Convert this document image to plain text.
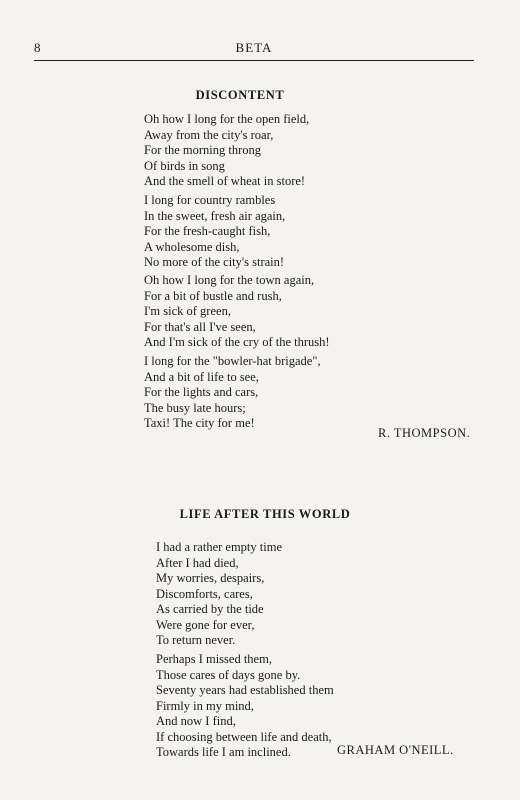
8	BETA
DISCONTENT
Oh how I long for the open field,
Away from the city's roar,
For the morning throng
Of birds in song
And the smell of wheat in store!
I long for country rambles
In the sweet, fresh air again,
For the fresh-caught fish,
A wholesome dish,
No more of the city's strain!
Oh how I long for the town again,
For a bit of bustle and rush,
I'm sick of green,
For that's all I've seen,
And I'm sick of the cry of the thrush!
I long for the "bowler-hat brigade",
And a bit of life to see,
For the lights and cars,
The busy late hours;
Taxi! The city for me!
R. THOMPSON.
LIFE AFTER THIS WORLD
I had a rather empty time
After I had died,
My worries, despairs,
Discomforts, cares,
As carried by the tide
Were gone for ever,
To return never.
Perhaps I missed them,
Those cares of days gone by.
Seventy years had established them
Firmly in my mind,
And now I find,
If choosing between life and death,
Towards life I am inclined.	GRAHAM O'NEILL.
